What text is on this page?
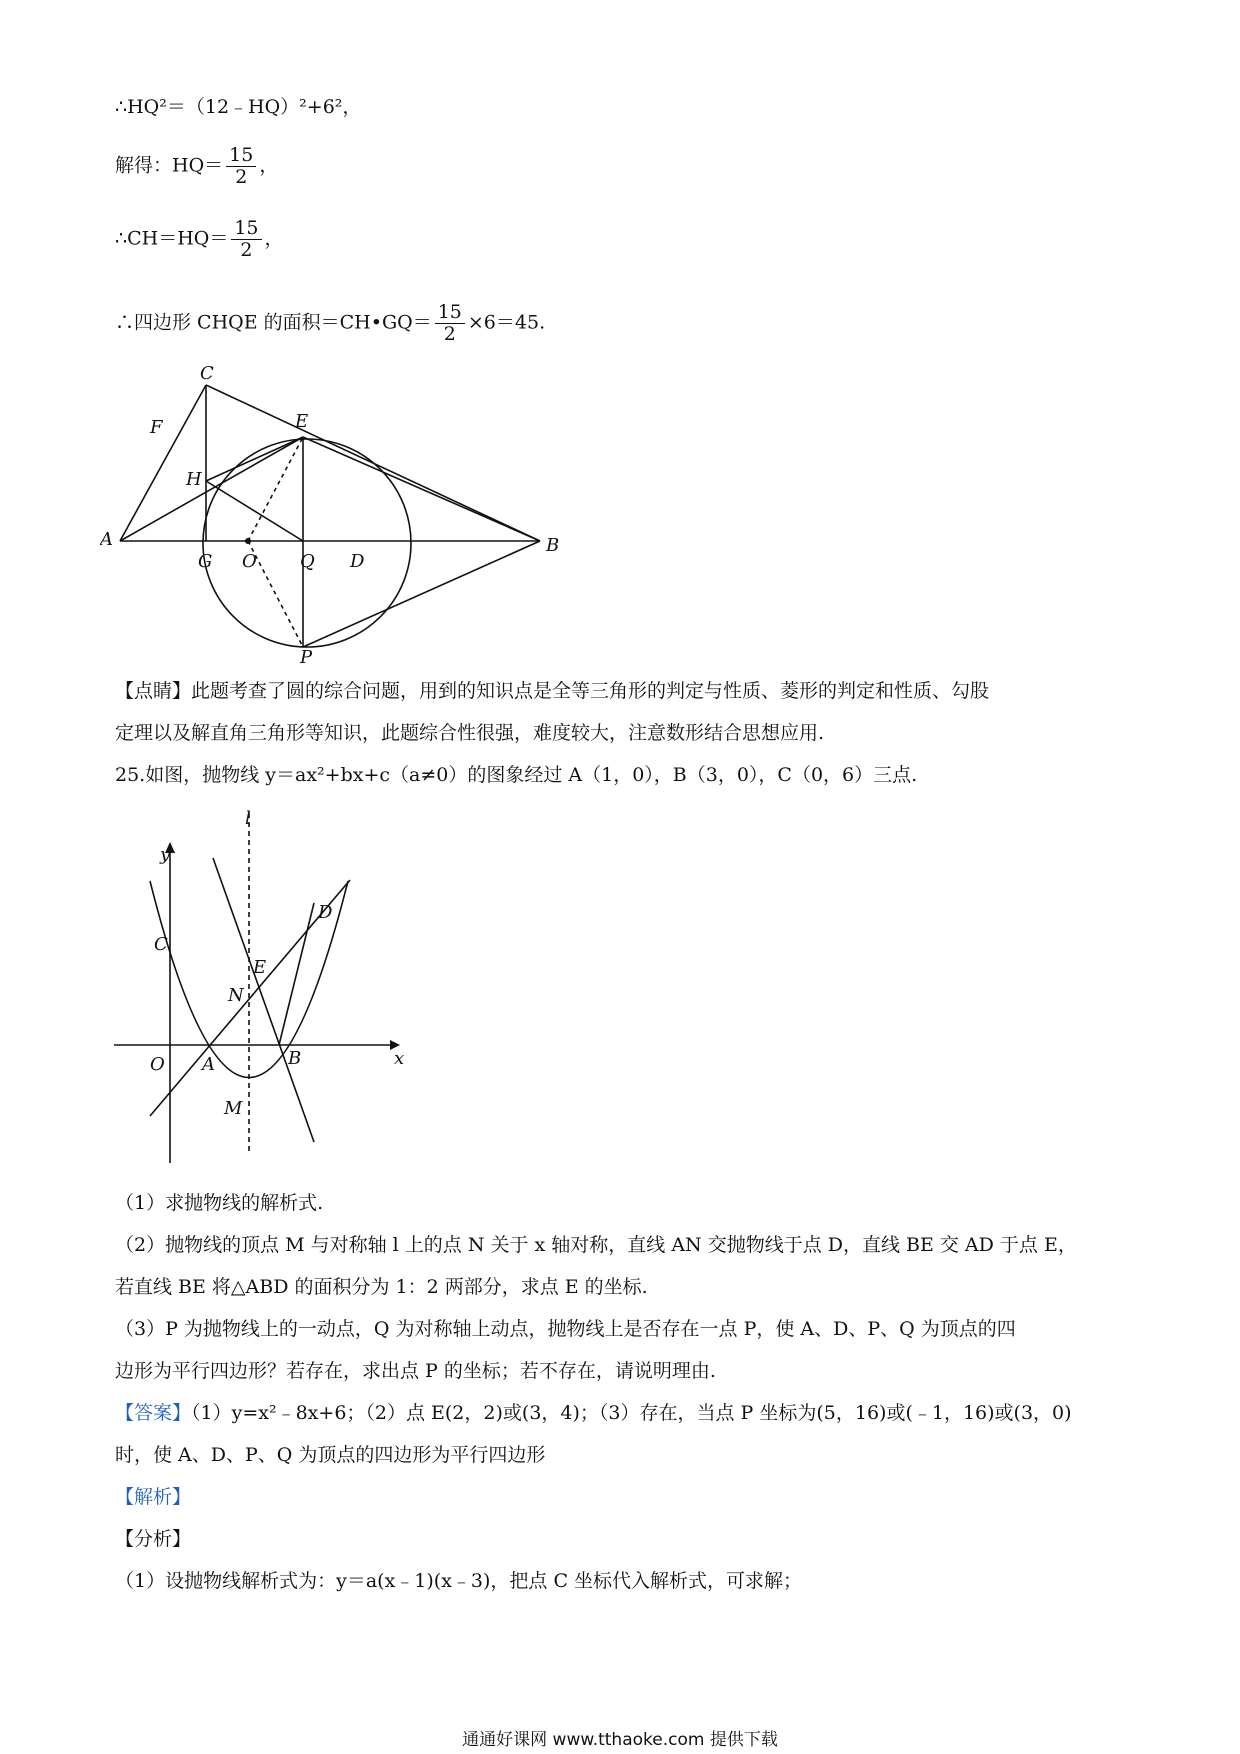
∴HQ²＝（12﹣HQ）²+6²，
解得：$HQ= \frac{15}{2}$ ，
∴CH＝HQ＝ $\frac{15}{2}$ ，
∴四边形 CHQE 的面积＝CH•GQ＝ $\frac{15}{2} \times 6=45$.
C
F	E
H
A
G O Q D
B
P
【点睛】此题考查了圆的综合问题，用到的知识点是全等三角形的判定与性质、菱形的判定和性质、勾股
定理以及解直角三角形等知识，此题综合性很强，难度较大，注意数形结合思想应用.
25.如图，抛物线 y＝ax²+bx+c（a≠0）的图象经过 A（1，0），B（3，0），C（0，6）三点.
l
y
C
D
E
N
O A	B	x
M
（1）求抛物线的解析式.
（2）抛物线的顶点 M 与对称轴 l 上的点 N 关于 x 轴对称，直线 AN 交抛物线于点 D，直线 BE 交 AD 于点 E，
若直线 BE 将△ABD 的面积分为 1：2 两部分，求点 E 的坐标.
（3）P 为抛物线上的一动点，Q 为对称轴上动点，抛物线上是否存在一点 P，使 A、D、P、Q 为顶点的四
边形为平行四边形？若存在，求出点 P 的坐标；若不存在，请说明理由.
【答案】（1）y=x²﹣8x+6；（2）点 E(2，2)或(3，4)；（3）存在，当点 P 坐标为(5，16)或(﹣1，16)或(3，0)
时，使 A、D、P、Q 为顶点的四边形为平行四边形
【解析】
【分析】
（1）设抛物线解析式为：y＝a(x﹣1)(x﹣3)，把点 C 坐标代入解析式，可求解；
通通好课网 www.tthaoke.com 提供下载
